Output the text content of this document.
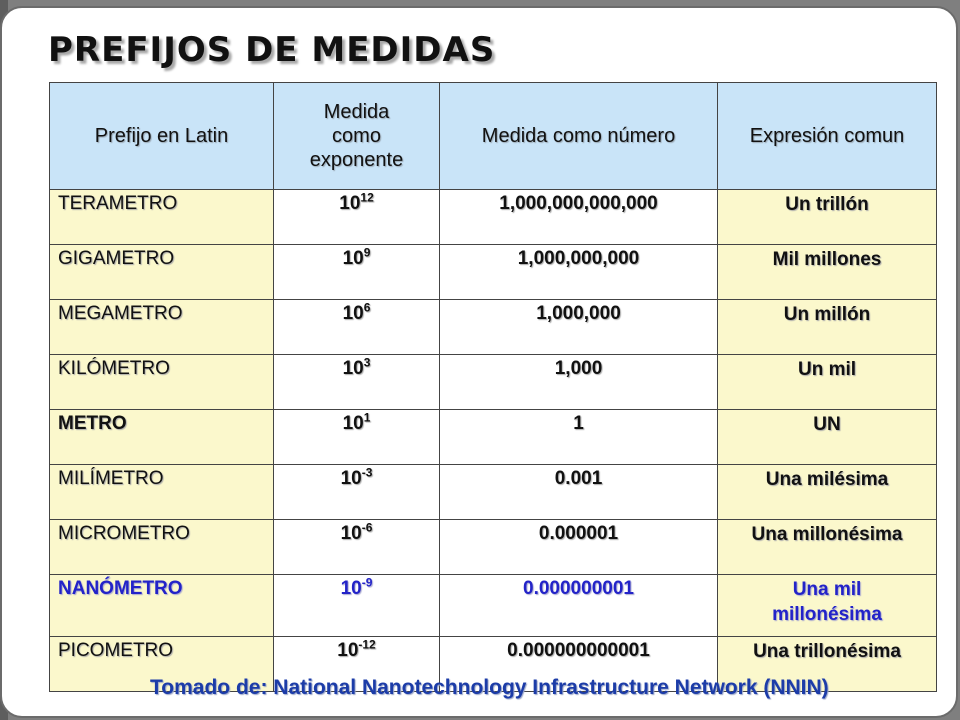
PREFIJOS DE MEDIDAS
Prefijo en Latin	Medida como exponente	Medida como número	Expresión comun
TERAMETRO	$10^{12}$	1,000,000,000,000	Un trillón
GIGAMETRO	$10^9$	1,000,000,000	Mil millones
MEGAMETRO	$10^6$	1,000,000	Un millón
KILÓMETRO	$10^3$	1,000	Un mil
METRO	$10^1$	1	UN
MILÍMETRO	$10^{-3}$	0.001	Una milésima
MICROMETRO	$10^{-6}$	0.000001	Una millonésima
NANÓMETRO	$10^{-9}$	0.000000001	Una mil millonésima
PICOMETRO	$10^{-12}$	0.000000000001	Una trillonésima

Tomado de: National Nanotechnology Infrastructure Network (NNIN)
